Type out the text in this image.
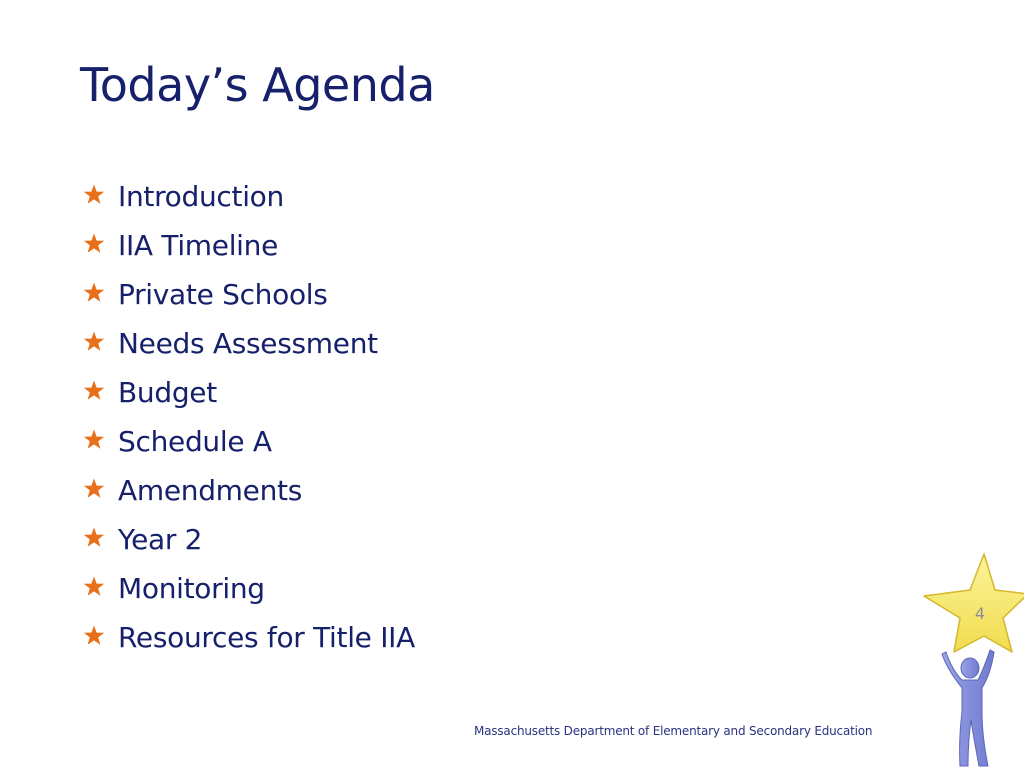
Today’s Agenda
Introduction
IIA Timeline
Private Schools
Needs Assessment
Budget
Schedule A
Amendments
Year 2
Monitoring
Resources for Title IIA
Massachusetts Department of Elementary and Secondary Education
4
